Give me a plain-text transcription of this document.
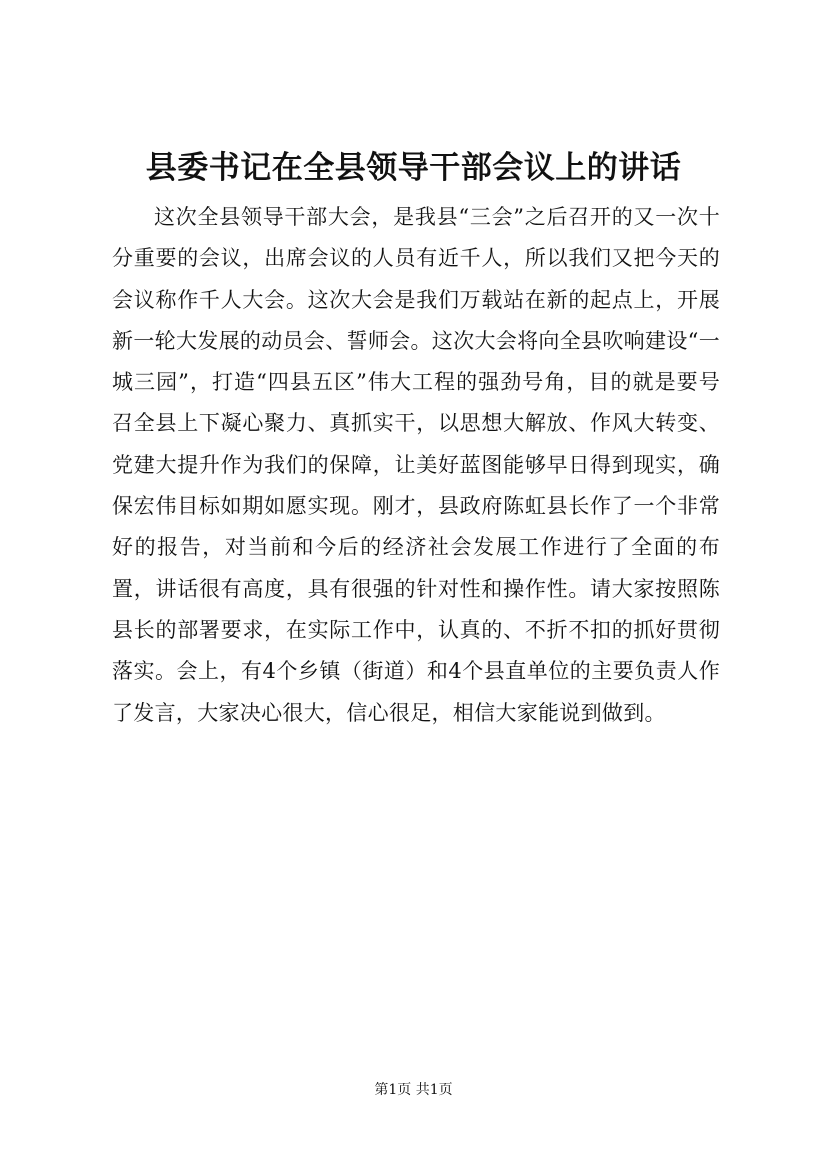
县委书记在全县领导干部会议上的讲话

这次全县领导干部大会，是我县“三会”之后召开的又一次十分重要的会议，出席会议的人员有近千人，所以我们又把今天的会议称作千人大会。这次大会是我们万载站在新的起点上，开展新一轮大发展的动员会、誓师会。这次大会将向全县吹响建设“一城三园”，打造“四县五区”伟大工程的强劲号角，目的就是要号召全县上下凝心聚力、真抓实干，以思想大解放、作风大转变、党建大提升作为我们的保障，让美好蓝图能够早日得到现实，确保宏伟目标如期如愿实现。刚才，县政府陈虹县长作了一个非常好的报告，对当前和今后的经济社会发展工作进行了全面的布置，讲话很有高度，具有很强的针对性和操作性。请大家按照陈县长的部署要求，在实际工作中，认真的、不折不扣的抓好贯彻落实。会上，有4个乡镇（街道）和4个县直单位的主要负责人作了发言，大家决心很大，信心很足，相信大家能说到做到。

第1页 共1页
